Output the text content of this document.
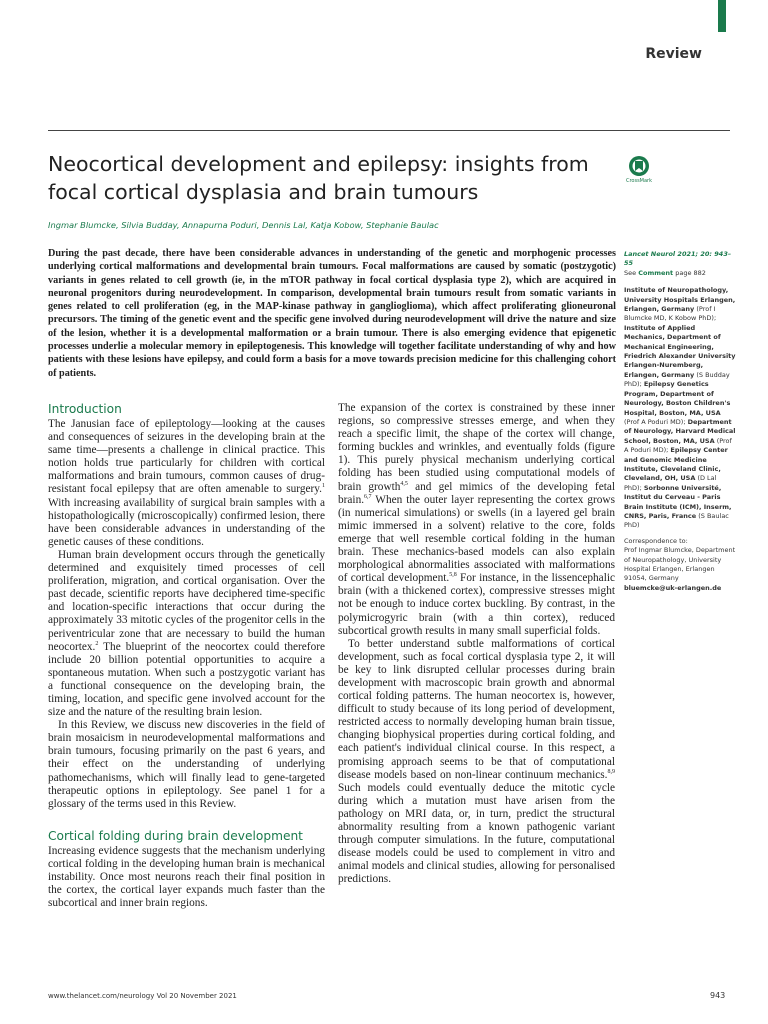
Review
Neocortical development and epilepsy: insights from focal cortical dysplasia and brain tumours	CrossMark
Ingmar Blumcke, Silvia Budday, Annapurna Poduri, Dennis Lal, Katja Kobow, Stephanie Baulac

During the past decade, there have been considerable advances in understanding of the genetic and morphogenic processes underlying cortical malformations and developmental brain tumours. Focal malformations are caused by somatic (postzygotic) variants in genes related to cell growth (ie, in the mTOR pathway in focal cortical dysplasia type 2), which are acquired in neuronal progenitors during neurodevelopment. In comparison, developmental brain tumours result from somatic variants in genes related to cell proliferation (eg, in the MAP-kinase pathway in ganglioglioma), which affect proliferating glioneuronal precursors. The timing of the genetic event and the specific gene involved during neurodevelopment will drive the nature and size of the lesion, whether it is a developmental malformation or a brain tumour. There is also emerging evidence that epigenetic processes underlie a molecular memory in epileptogenesis. This knowledge will together facilitate understanding of why and how patients with these lesions have epilepsy, and could form a basis for a move towards precision medicine for this challenging cohort of patients.

Introduction

The Janusian face of epileptology—looking at the causes and consequences of seizures in the developing brain at the same time—presents a challenge in clinical practice. This notion holds true particularly for children with cortical malformations and brain tumours, common causes of drug-resistant focal epilepsy that are often amenable to surgery.$^1$ With increasing availability of surgical brain samples with a histopathologically (microscopically) confirmed lesion, there have been considerable advances in understanding of the genetic causes of these conditions.

Human brain development occurs through the genetically determined and exquisitely timed processes of cell proliferation, migration, and cortical organisation. Over the past decade, scientific reports have deciphered time-specific and location-specific interactions that occur during the approximately 33 mitotic cycles of the progenitor cells in the periventricular zone that are necessary to build the human neocortex.$^2$ The blueprint of the neocortex could therefore include 20 billion potential opportunities to acquire a spontaneous mutation. When such a postzygotic variant has a functional consequence on the developing brain, the timing, location, and specific gene involved account for the size and the nature of the resulting brain lesion.

In this Review, we discuss new discoveries in the field of brain mosaicism in neurodevelopmental malformations and brain tumours, focusing primarily on the past 6 years, and their effect on the understanding of underlying pathomechanisms, which will finally lead to gene-targeted therapeutic options in epileptology. See panel 1 for a glossary of the terms used in this Review.

Cortical folding during brain development

Increasing evidence suggests that the mechanism underlying cortical folding in the developing human brain is mechanical instability. Once most neurons reach their final position in the cortex, the cortical layer expands much faster than the subcortical and inner brain regions.

The expansion of the cortex is constrained by these inner regions, so compressive stresses emerge, and when they reach a specific limit, the shape of the cortex will change, forming buckles and wrinkles, and eventually folds (figure 1). This purely physical mechanism underlying cortical folding has been studied using computational models of brain growth$^{4,5}$ and gel mimics of the developing fetal brain.$^{6,7}$ When the outer layer representing the cortex grows (in numerical simulations) or swells (in a layered gel brain mimic immersed in a solvent) relative to the core, folds emerge that well resemble cortical folding in the human brain. These mechanics-based models can also explain morphological abnormalities associated with malformations of cortical development.$^{5,8}$ For instance, in the lissencephalic brain (with a thickened cortex), compressive stresses might not be enough to induce cortex buckling. By contrast, in the polymicrogyric brain (with a thin cortex), reduced subcortical growth results in many small superficial folds.

To better understand subtle malformations of cortical development, such as focal cortical dysplasia type 2, it will be key to link disrupted cellular processes during brain development with macroscopic brain growth and abnormal cortical folding patterns. The human neocortex is, however, difficult to study because of its long period of development, restricted access to normally developing human brain tissue, changing biophysical properties during cortical folding, and each patient's individual clinical course. In this respect, a promising approach seems to be that of computational disease models based on non-linear continuum mechanics.$^{8,9}$ Such models could eventually deduce the mitotic cycle during which a mutation must have arisen from the pathology on MRI data, or, in turn, predict the structural abnormality resulting from a known pathogenic variant through computer simulations. In the future, computational disease models could be used to complement in vitro and animal models and clinical studies, allowing for personalised predictions.

Lancet Neurol 2021; 20: 943–55

See Comment page 882

Institute of Neuropathology, University Hospitals Erlangen, Erlangen, Germany (Prof I Blumcke MD, K Kobow PhD); Institute of Applied Mechanics, Department of Mechanical Engineering, Friedrich Alexander University Erlangen-Nuremberg, Erlangen, Germany (S Budday PhD); Epilepsy Genetics Program, Department of Neurology, Boston Children's Hospital, Boston, MA, USA (Prof A Poduri MD); Department of Neurology, Harvard Medical School, Boston, MA, USA (Prof A Poduri MD); Epilepsy Center and Genomic Medicine Institute, Cleveland Clinic, Cleveland, OH, USA (D Lal PhD); Sorbonne Université, Institut du Cerveau - Paris Brain Institute (ICM), Inserm, CNRS, Paris, France (S Baulac PhD)

Correspondence to:

Prof Ingmar Blumcke, Department of Neuropathology, University Hospital Erlangen, Erlangen 91054, Germany

bluemcke@uk-erlangen.de

www.thelancet.com/neurology Vol 20 November 2021	943
